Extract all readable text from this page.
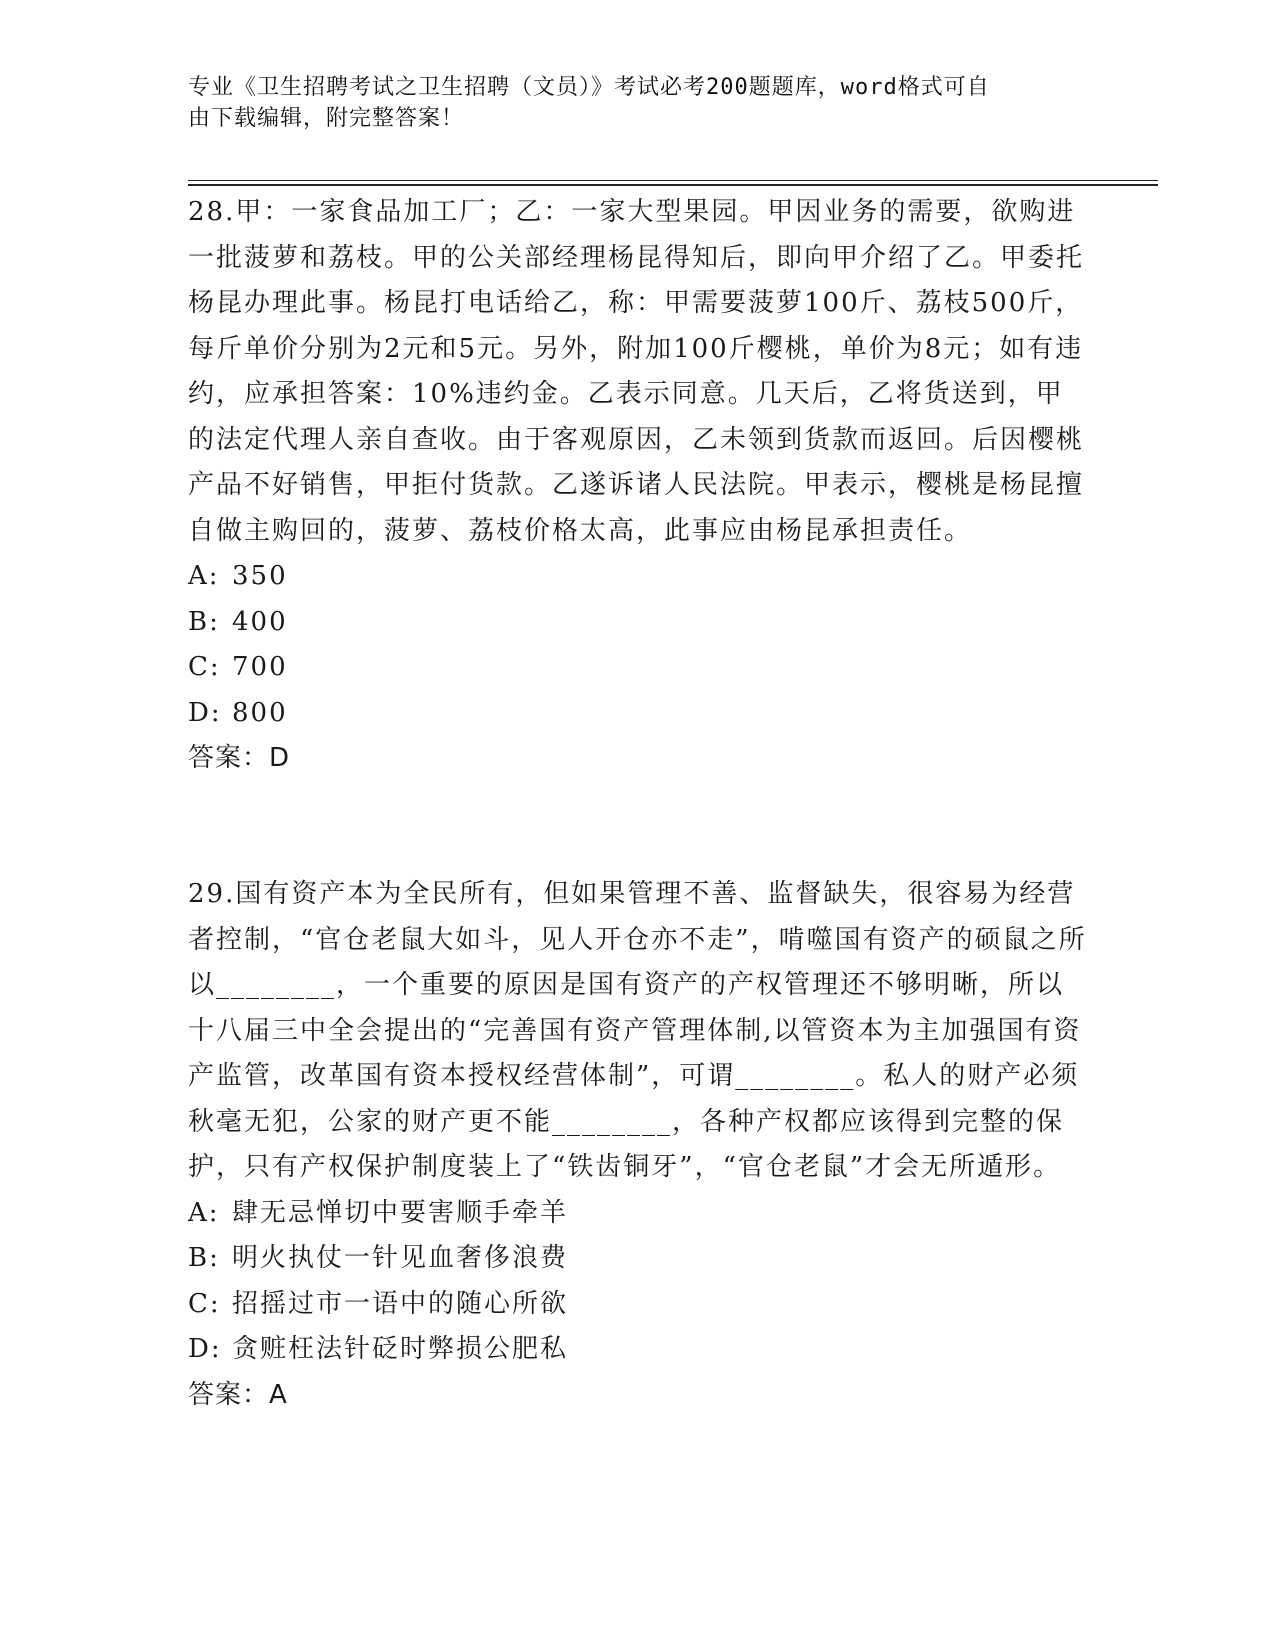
专业《卫生招聘考试之卫生招聘（文员）》考试必考200题题库，word格式可自
由下载编辑，附完整答案！

28.甲：一家食品加工厂；乙：一家大型果园。甲因业务的需要，欲购进一批菠萝和荔枝。甲的公关部经理杨昆得知后，即向甲介绍了乙。甲委托杨昆办理此事。杨昆打电话给乙，称：甲需要菠萝100斤、荔枝500斤，每斤单价分别为2元和5元。另外，附加100斤樱桃，单价为8元；如有违约，应承担答案：10%违约金。乙表示同意。几天后，乙将货送到，甲的法定代理人亲自查收。由于客观原因，乙未领到货款而返回。后因樱桃产品不好销售，甲拒付货款。乙遂诉诸人民法院。甲表示，樱桃是杨昆擅自做主购回的，菠萝、荔枝价格太高，此事应由杨昆承担责任。

A: 350
B: 400
C: 700
D: 800

答案：D

29.国有资产本为全民所有，但如果管理不善、监督缺失，很容易为经营者控制，“官仓老鼠大如斗，见人开仓亦不走”，啃噬国有资产的硕鼠之所以________，一个重要的原因是国有资产的产权管理还不够明晰，所以十八届三中全会提出的“完善国有资产管理体制,以管资本为主加强国有资产监管，改革国有资本授权经营体制”，可谓________。私人的财产必须秋毫无犯，公家的财产更不能________，各种产权都应该得到完整的保护，只有产权保护制度装上了“铁齿铜牙”，“官仓老鼠”才会无所遁形。

A: 肆无忌惮切中要害顺手牵羊
B: 明火执仗一针见血奢侈浪费
C: 招摇过市一语中的随心所欲
D: 贪赃枉法针砭时弊损公肥私

答案：A
